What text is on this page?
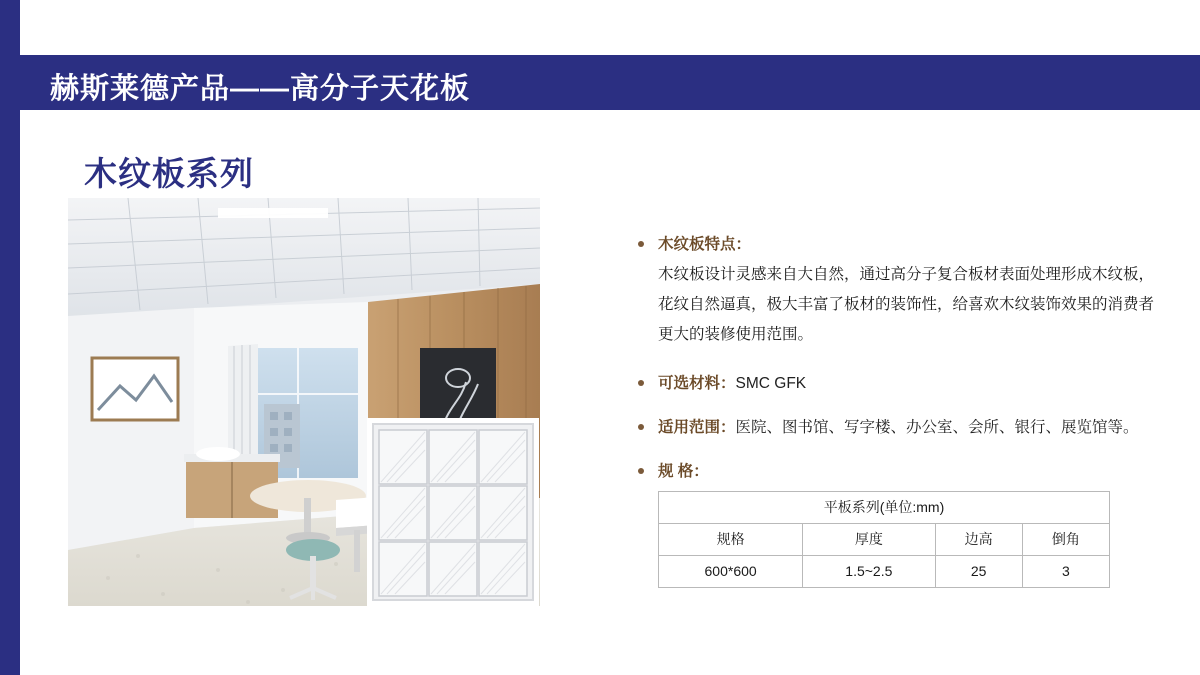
赫斯莱德产品——高分子天花板
木纹板系列
木纹板特点：
木纹板设计灵感来自大自然，通过高分子复合板材表面处理形成木纹板，花纹自然逼真，极大丰富了板材的装饰性，给喜欢木纹装饰效果的消费者更大的装修使用范围。
可选材料：SMC GFK
适用范围：医院、图书馆、写字楼、办公室、会所、银行、展览馆等。
规 格：
平板系列(单位:mm)			
规格	厚度	边高	倒角
600*600	1.5~2.5	25	3
